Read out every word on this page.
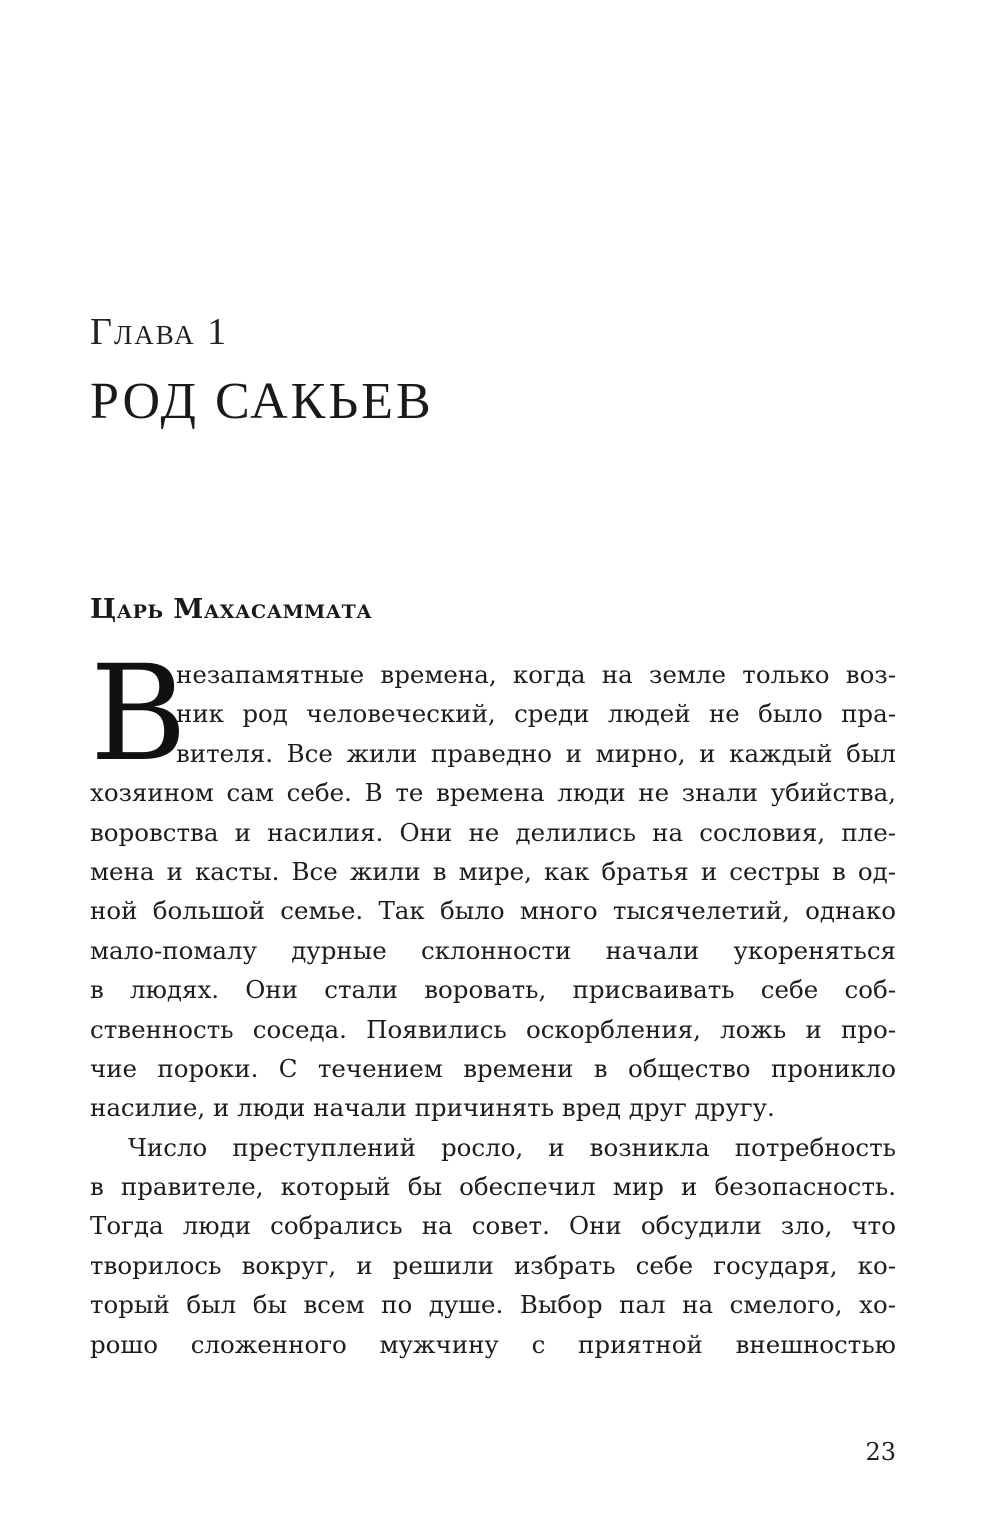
Глава 1
РОД САКЬЕВ
Царь Махасаммата
В
незапамятные времена, когда на земле только воз-
ник род человеческий, среди людей не было пра-
вителя. Все жили праведно и мирно, и каждый был
хозяином сам себе. В те времена люди не знали убийства,
воровства и насилия. Они не делились на сословия, пле-
мена и касты. Все жили в мире, как братья и сестры в од-
ной большой семье. Так было много тысячелетий, однако
мало-помалу дурные склонности начали укореняться
в людях. Они стали воровать, присваивать себе соб-
ственность соседа. Появились оскорбления, ложь и про-
чие пороки. С течением времени в общество проникло
насилие, и люди начали причинять вред друг другу.
Число преступлений росло, и возникла потребность
в правителе, который бы обеспечил мир и безопасность.
Тогда люди собрались на совет. Они обсудили зло, что
творилось вокруг, и решили избрать себе государя, ко-
торый был бы всем по душе. Выбор пал на смелого, хо-
рошо сложенного мужчину с приятной внешностью
23
